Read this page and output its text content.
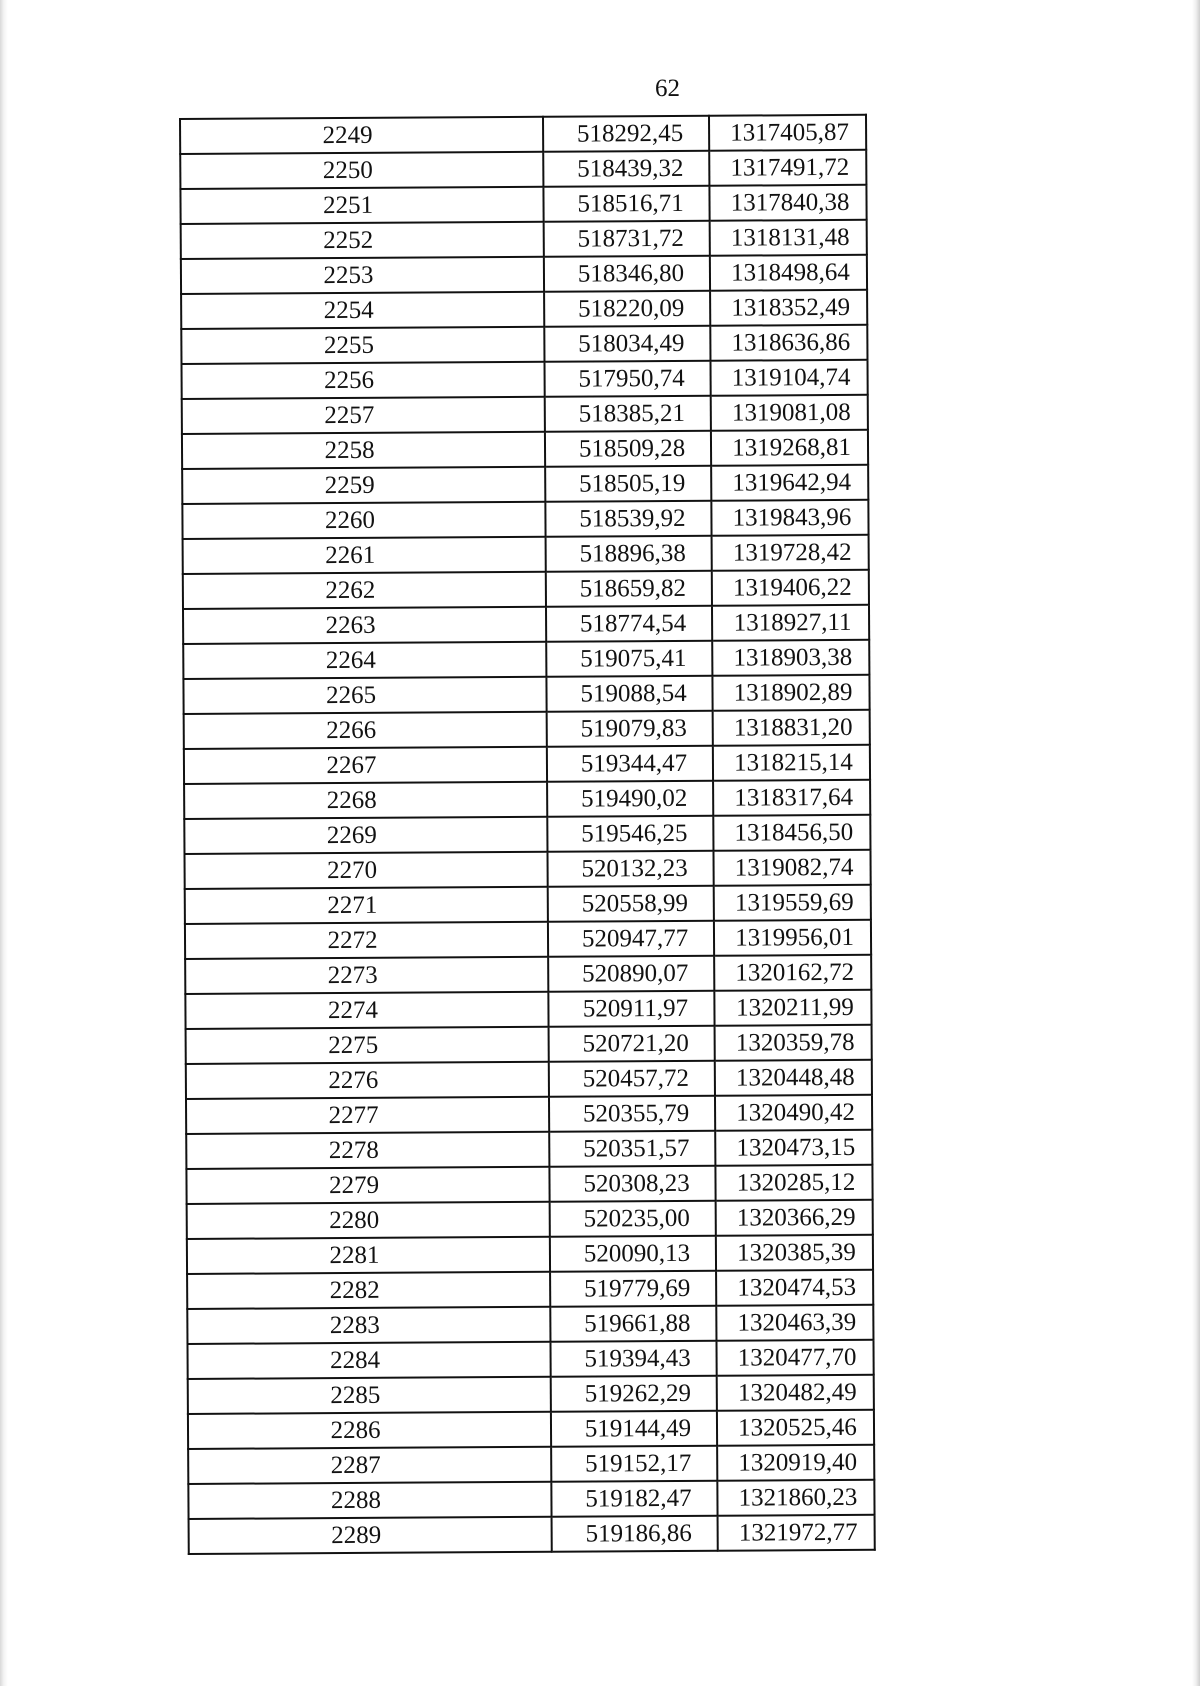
62
2249	518292,45	1317405,87
2250	518439,32	1317491,72
2251	518516,71	1317840,38
2252	518731,72	1318131,48
2253	518346,80	1318498,64
2254	518220,09	1318352,49
2255	518034,49	1318636,86
2256	517950,74	1319104,74
2257	518385,21	1319081,08
2258	518509,28	1319268,81
2259	518505,19	1319642,94
2260	518539,92	1319843,96
2261	518896,38	1319728,42
2262	518659,82	1319406,22
2263	518774,54	1318927,11
2264	519075,41	1318903,38
2265	519088,54	1318902,89
2266	519079,83	1318831,20
2267	519344,47	1318215,14
2268	519490,02	1318317,64
2269	519546,25	1318456,50
2270	520132,23	1319082,74
2271	520558,99	1319559,69
2272	520947,77	1319956,01
2273	520890,07	1320162,72
2274	520911,97	1320211,99
2275	520721,20	1320359,78
2276	520457,72	1320448,48
2277	520355,79	1320490,42
2278	520351,57	1320473,15
2279	520308,23	1320285,12
2280	520235,00	1320366,29
2281	520090,13	1320385,39
2282	519779,69	1320474,53
2283	519661,88	1320463,39
2284	519394,43	1320477,70
2285	519262,29	1320482,49
2286	519144,49	1320525,46
2287	519152,17	1320919,40
2288	519182,47	1321860,23
2289	519186,86	1321972,77
